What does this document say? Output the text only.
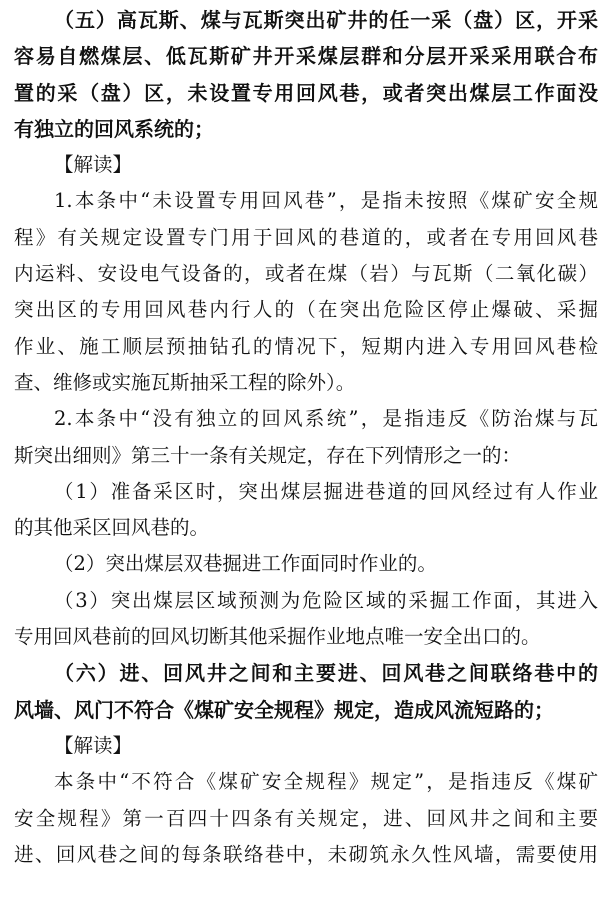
（五）高瓦斯、煤与瓦斯突出矿井的任一采（盘）区，开采
容易自燃煤层、低瓦斯矿井开采煤层群和分层开采采用联合布
置的采（盘）区，未设置专用回风巷，或者突出煤层工作面没
有独立的回风系统的；
【解读】
1.本条中“未设置专用回风巷”，是指未按照《煤矿安全规
程》有关规定设置专门用于回风的巷道的，或者在专用回风巷
内运料、安设电气设备的，或者在煤（岩）与瓦斯（二氧化碳）
突出区的专用回风巷内行人的（在突出危险区停止爆破、采掘
作业、施工顺层预抽钻孔的情况下，短期内进入专用回风巷检
查、维修或实施瓦斯抽采工程的除外）。
2.本条中“没有独立的回风系统”，是指违反《防治煤与瓦
斯突出细则》第三十一条有关规定，存在下列情形之一的：
（1）准备采区时，突出煤层掘进巷道的回风经过有人作业
的其他采区回风巷的。
（2）突出煤层双巷掘进工作面同时作业的。
（3）突出煤层区域预测为危险区域的采掘工作面，其进入
专用回风巷前的回风切断其他采掘作业地点唯一安全出口的。
（六）进、回风井之间和主要进、回风巷之间联络巷中的
风墙、风门不符合《煤矿安全规程》规定，造成风流短路的；
【解读】
本条中“不符合《煤矿安全规程》规定”，是指违反《煤矿
安全规程》第一百四十四条有关规定，进、回风井之间和主要
进、回风巷之间的每条联络巷中，未砌筑永久性风墙，需要使用
